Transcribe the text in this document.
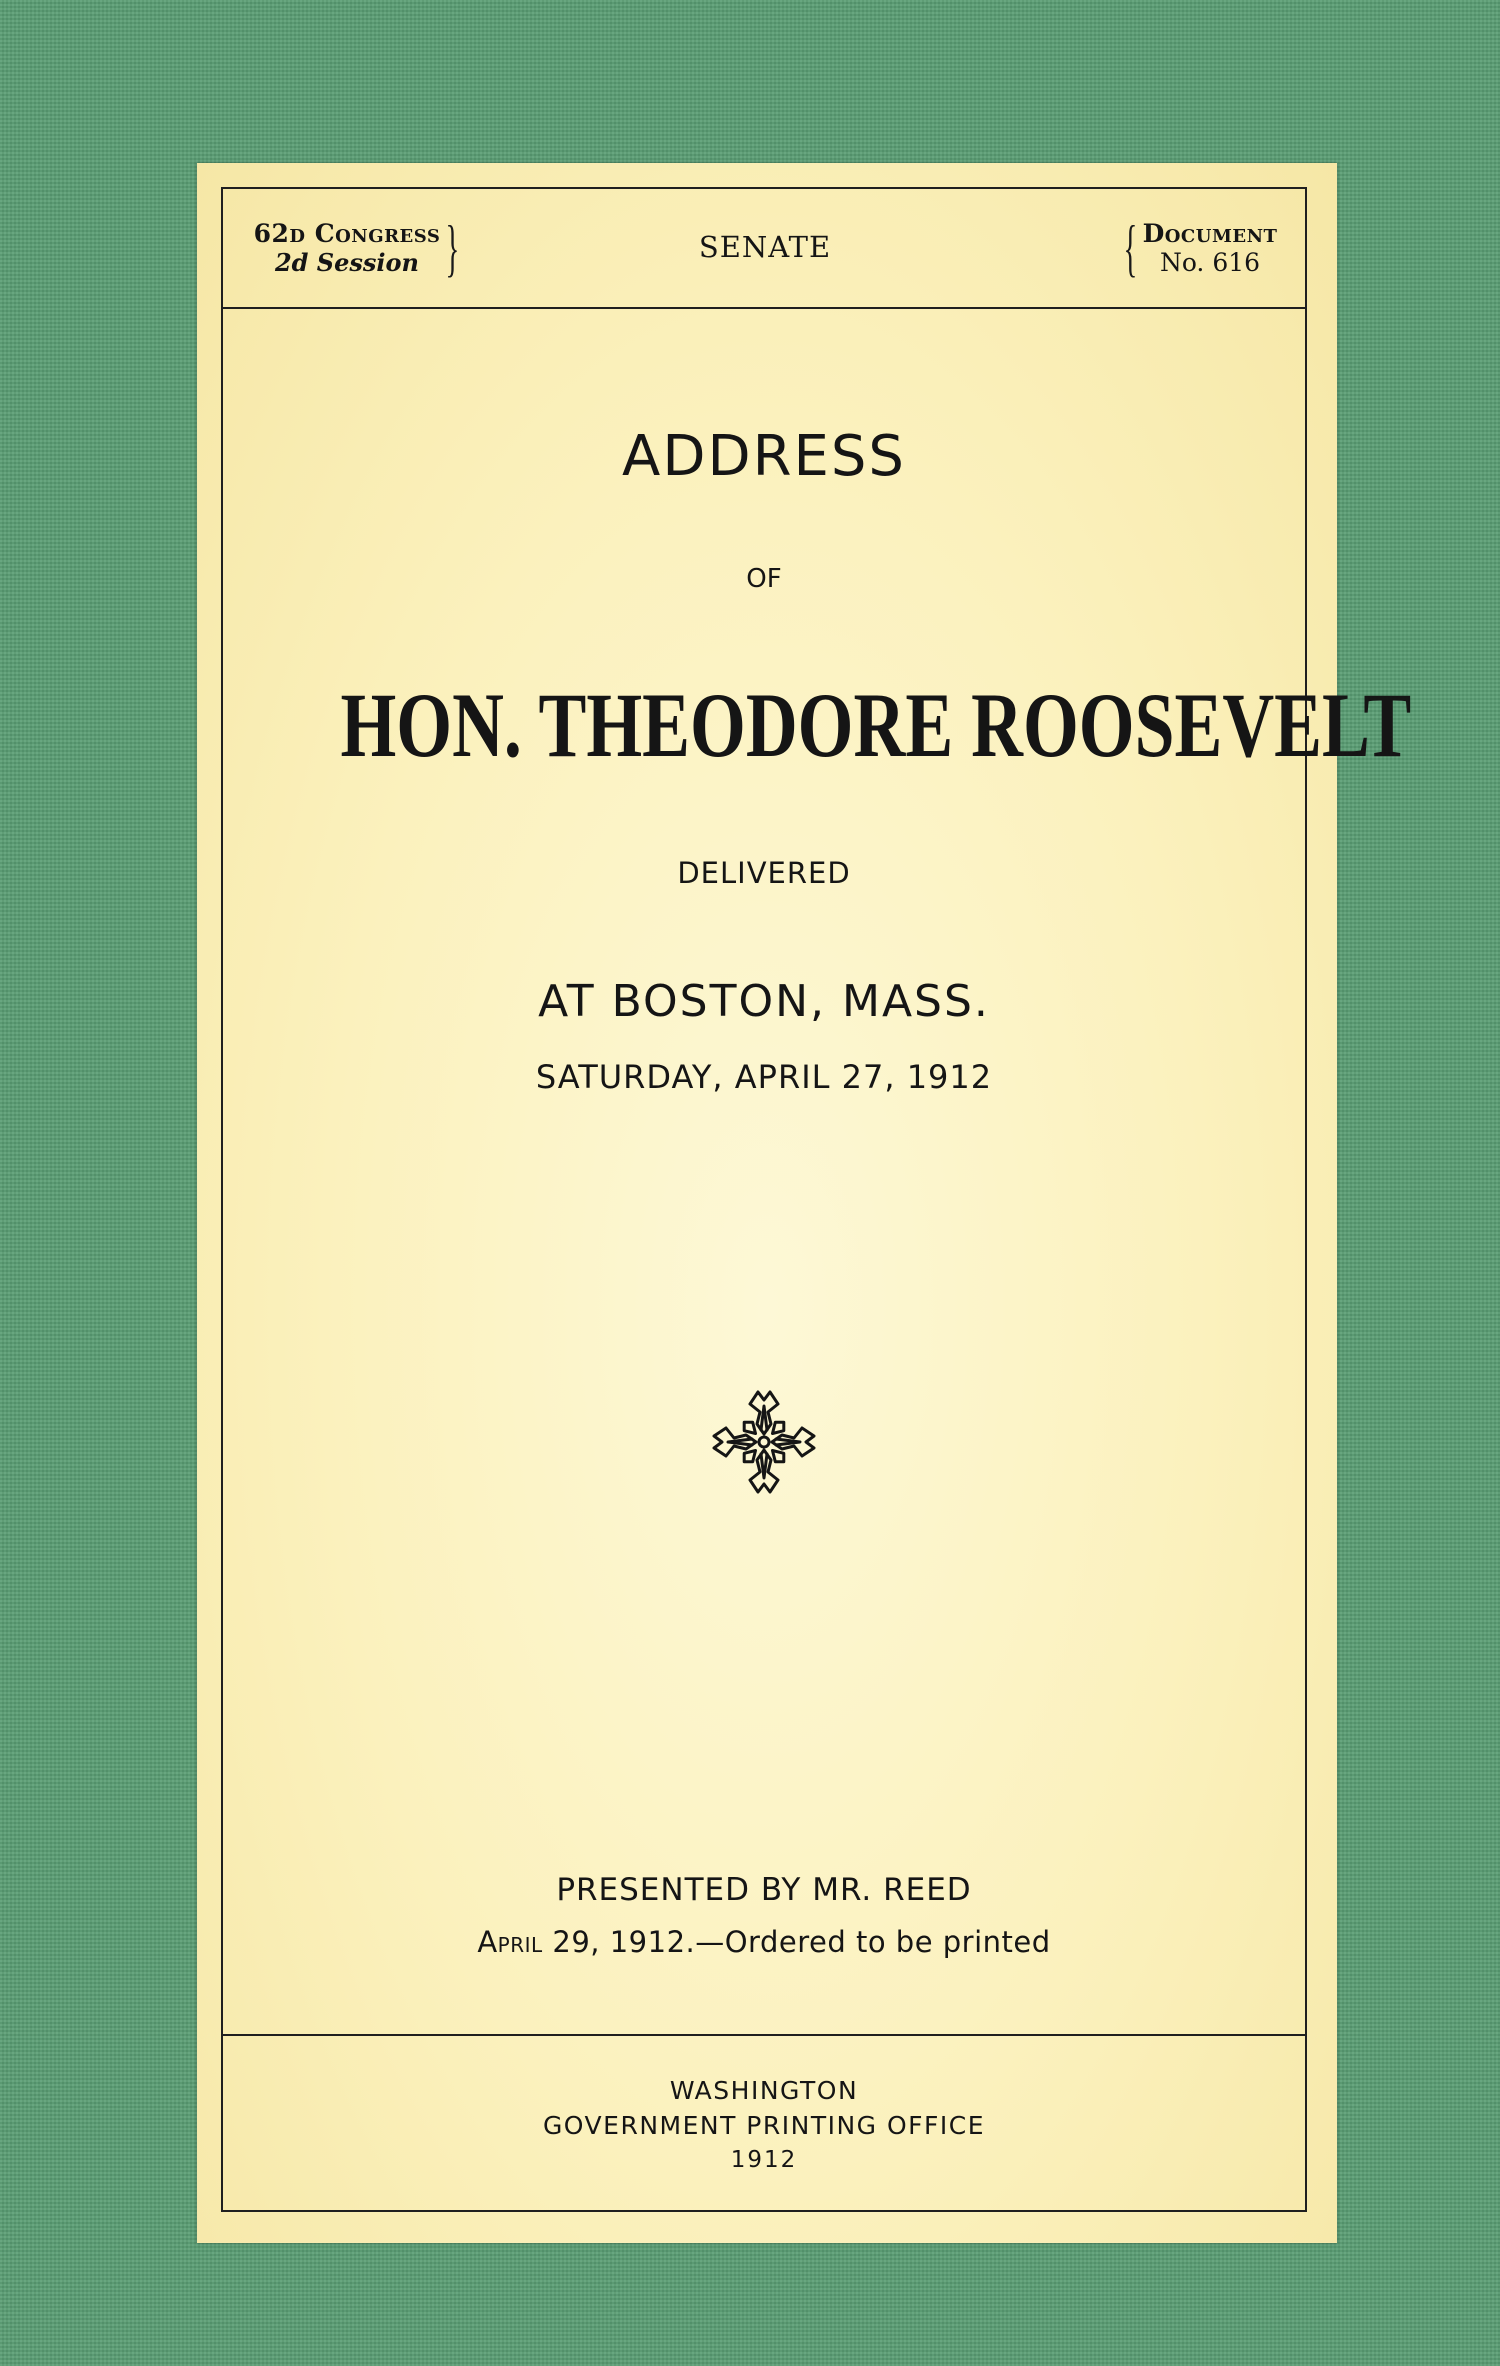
62d Congress
2d Session }	SENATE	{ Document
No. 616
ADDRESS
OF
HON. THEODORE ROOSEVELT
DELIVERED
AT BOSTON, MASS.
SATURDAY, APRIL 27, 1912
PRESENTED BY MR. REED
April 29, 1912.—Ordered to be printed
WASHINGTON
GOVERNMENT PRINTING OFFICE
1912
